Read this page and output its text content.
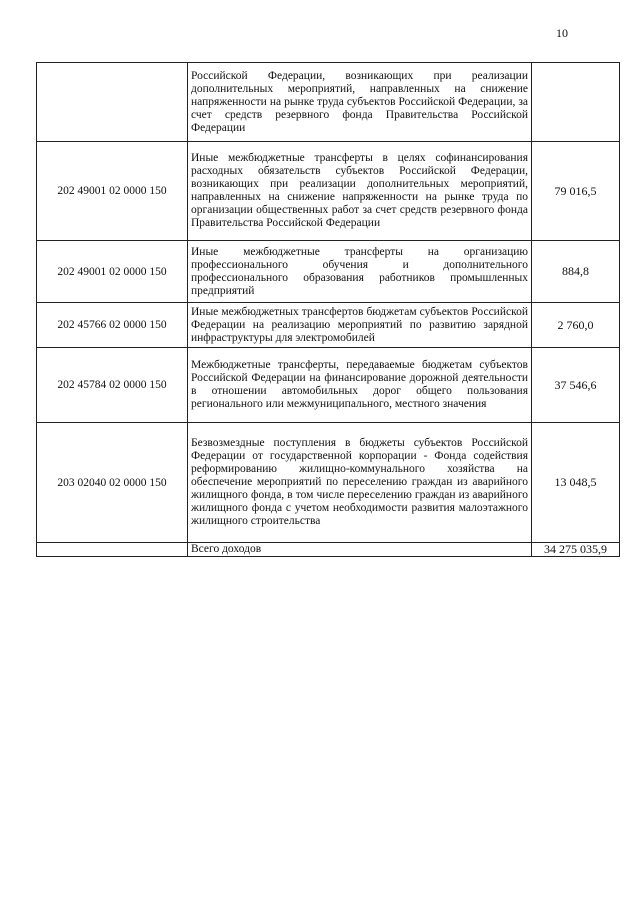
10
	Российской Федерации, возникающих при реализации дополнительных мероприятий, направленных на снижение напряженности на рынке труда субъектов Российской Федерации, за счет средств резервного фонда Правительства Российской Федерации	
202 49001 02 0000 150	Иные межбюджетные трансферты в целях софинансирования расходных обязательств субъектов Российской Федерации, возникающих при реализации дополнительных мероприятий, направленных на снижение напряженности на рынке труда по организации общественных работ за счет средств резервного фонда Правительства Российской Федерации	79 016,5
202 49001 02 0000 150	Иные межбюджетные трансферты на организацию профессионального обучения и дополнительного профессионального образования работников промышленных предприятий	884,8
202 45766 02 0000 150	Иные межбюджетных трансфертов бюджетам субъектов Российской Федерации на реализацию мероприятий по развитию зарядной инфраструктуры для электромобилей	2 760,0
202 45784 02 0000 150	Межбюджетные трансферты, передаваемые бюджетам субъектов Российской Федерации на финансирование дорожной деятельности в отношении автомобильных дорог общего пользования регионального или межмуниципального, местного значения	37 546,6
203 02040 02 0000 150	Безвозмездные поступления в бюджеты субъектов Российской Федерации от государственной корпорации - Фонда содействия реформированию жилищно-коммунального хозяйства на обеспечение мероприятий по переселению граждан из аварийного жилищного фонда, в том числе переселению граждан из аварийного жилищного фонда с учетом необходимости развития малоэтажного жилищного строительства	13 048,5
	Всего доходов	34 275 035,9
